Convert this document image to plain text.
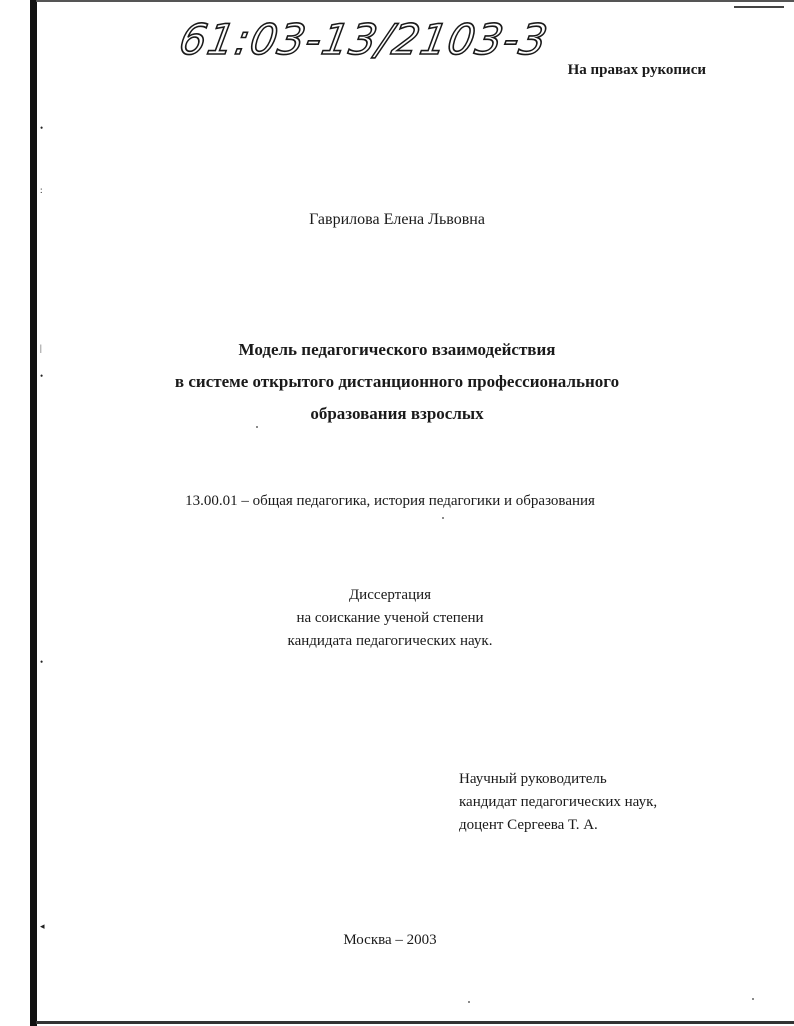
•
:
|
•
•
◂
61:03-13/2103-3
На правах рукописи
Гаврилова Елена Львовна
Модель педагогического взаимодействия
в системе открытого дистанционного профессионального
образования взрослых
13.00.01 – общая педагогика, история педагогики и образования
Диссертация
на соискание ученой степени
кандидата педагогических наук.
Научный руководитель
кандидат педагогических наук,
доцент Сергеева Т. А.
Москва – 2003
